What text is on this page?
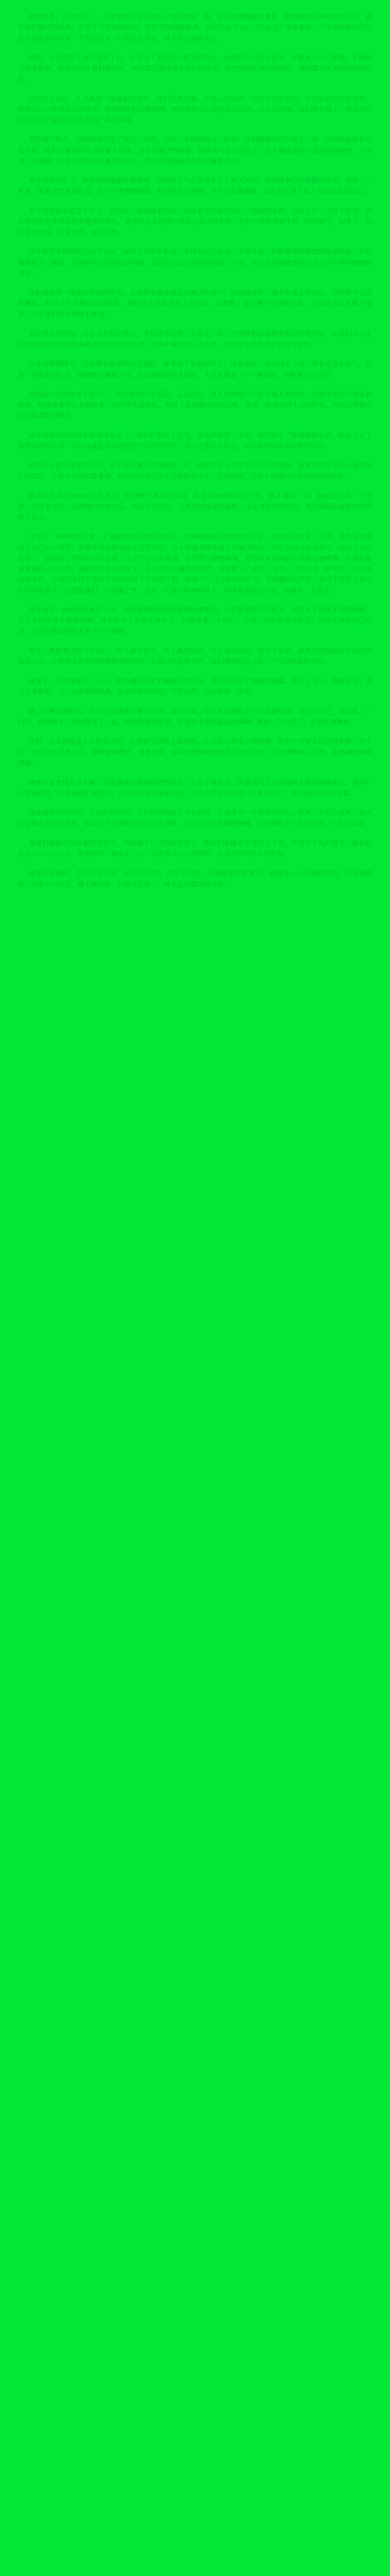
此刻的我，终于明白了，心中那些无法言说的，如同细雨一般，在心底慢慢地积蓄着。那些被时间冲刷过的记忆，被生活打磨过的棱角，在某个不经意的瞬间，忽然变得清晰起来。我们总以为自己已经忘记了很多事情，可当某种相似的气息扑面而来的时候，才发现原来一切都还在原处，从未真正地离开过。

我想，生命的意义或许就在于此。不是为了抵达某个既定的终点，而是在行走的过程中，不断地与自己相遇，不断地与世界和解。那些曾经让我们痛苦的，最终都会变成滋养我们的养分；那些曾经让我们困惑的，最终都会成为照亮前路的光。

记得有人说过，人生就像一场漫长的旅行。我们背着行囊，走过山川湖海，也走过寻常巷陌。有时候我们走得很快，快到忘记了欣赏沿途的风景；有时候我们走得很慢，慢到怀疑自己是否还在前进。可无论快慢，我们都在路上，都在用自己的方式丈量着这个世界的广阔与深邃。

那些同行的人，有的陪我们走了很长一段路，有的只是擦肩而过。但每一次相遇都有它的意义，每一次别离也都有它的价值。我们在彼此的生命里留下痕迹，然后带着这些痕迹，继续走向各自的远方。这大概就是缘分最好的模样吧，不强求，不挽留，只是在对的时间遇见对的人，然后坦然地接受所有的聚散离合。

窗外的雨还在下，淅淅沥沥地敲打着玻璃。这样的天气总是容易让人陷入沉思，想起很多已经模糊的往事。我泡了一杯茶，看着水汽袅袅升起，在空气中慢慢消散。时间也是这样吧，无声无息地流逝，却在我们身上留下无法抹去的印记。

年少的时候总是急于长大，以为长大就意味着自由，意味着可以做任何自己想做的事情。可真正长大之后才发现，成长的代价是要承担越来越多的责任，是要学会在理想与现实之间寻找平衡。我们不再有那种不顾一切的勇气，却多了一份沉稳与从容。这是失去，也是获得。

我开始学着接纳自己的不完美，接纳生活的不如意。不再和自己较劲，不再苛求一切都要按照预想的轨迹发展。有些事情努力了就好，结果如何交给时间去判断。这样的心态让我变得轻松了许多，也让我更能感受到日常生活中那些细微的美好。

比如清晨第一缕照进房间的阳光，比如街角那家面包店飘出的香气，比如深夜里一通来自老友的电话。这些微不足道的瞬间，构成了生活最真实的质地。我们往往追逐着宏大的目标，却忽略了身边唾手可得的幸福。其实快乐从来都不复杂，只是我们把它想得太复杂了。

也有迷茫的时候。站在人生的岔路口，不知道该往哪个方向走。每一个选择都意味着放弃另外的可能，而我们永远无法知道没有走过的那条路上会有怎样的风景。这种不确定性让人焦虑，却也让生活充满了悬念与惊喜。

后来我慢慢懂得，没有哪条路是绝对正确的。重要的不是选择什么，而是选择之后如何走下去。带着信念和勇气，把每一步都走得扎实，即便偶尔偏离方向，也总能找到回来的路。人生本就是一个不断试错、不断修正的过程。

我想起小时候在乡下的日子。那时候的天空很蓝，云朵很白，夏天的夜晚可以看见满天的星星。外婆坐在院子里摇着蒲扇，给我讲那些古老的故事。虫鸣声此起彼伏，构成了夏夜最动听的交响。那是一段再也回不去的时光，却永远停留在记忆最柔软的地方。

如今城市的夜空很少能看见星星了。霓虹灯取代了星光，车流声取代了虫鸣。我们拥有了更便捷的生活，却也失去了某些珍贵的东西。或许这就是发展必然要付出的代价吧。我只是偶尔会怀念，怀念那种简单而纯粹的快乐。

但我并不排斥现在的生活。每个时代都有它的精彩之处，每种生活方式都有它存在的理由。重要的是在变化中保持内心的安定，不被外界的喧嚣裹挟，始终记得自己真正想要的是什么。这种清醒，是这个浮躁时代里最稀缺的品质。

我喜欢在周末的时候去逛书店。那些整齐排列的书籍，散发着油墨特有的气息。随手翻开一本，就能进入另一个世界，与作者进行一场跨越时空的对话。阅读让我明白，人类的情感是相通的，无论身处何时何地，我们都面临着相似的困惑与追寻。

文字有一种神奇的力量，它能把抽象的感受具象化，把转瞬即逝的思绪固定下来。当我们读到某一句话，忽然觉得说出了自己心中所想，那种共鸣的感觉是无可替代的。这大概就是阅读最大的魅力所在。我们在别人的故事里，找到了自己的影子，也找到了继续前行的力量。当文字与心灵相遇，当思想与情感碰撞，那些原本沉睡的东西就会被唤醒，让我们重新审视自己的生活，重新思考生命的意义。在这个信息爆炸的时代，能够静下心来读一本书，已经成为一种奢侈。可正是这种奢侈，让我们在快节奏的生活中找到了片刻的宁静，找到了与自己独处的方式。书页翻动的声音，是这个世界上最安心的背景音乐，它提醒我们，在喧嚣之外，还有一片属于精神的净土，等待着我们去开垦、去耕耘、去收获。

写作也是一种自我疗愈的方式。当我把那些纷乱的思绪诉诸笔端，它们就变得有序起来。那些说不清道不明的情绪，在文字的梳理下逐渐清晰。我不是为了给别人看才写，只是需要一个出口，让内心的声音得以表达。写作让我和自己对话，让我在独处的时光里不至于孤独。

每个人都需要这样一个出口。有人通过音乐，有人通过绘画，有人通过运动。形式不重要，重要的是找到属于自己的表达方式，让那些无处安放的情感有所归依。生活已经足够辛苦，我们需要给自己留一片可以喘息的空间。

夜深了，雨声渐渐小了下去。窗外偶尔传来车辆驶过的声音，更衬托出这个夜晚的静谧。我合上本子，准备休息。明天又是新的一天，会有新的挑战，也会有新的可能。不管怎样，先好好睡一觉吧。

第二天醒来的时候，阳光已经洒满了整个房间。雨过天晴，空气里弥漫着泥土的清新味道。我打开窗户，深深吸了一口气，感觉整个人都被洗涤了一遍。昨夜的那些思绪，在晨光中变得遥远而模糊。新的一天开始了，生活还要继续。

我想，这大概就是人生的常态吧。在困惑与清醒之间摇摆，在失落与希望之间徘徊。我们不可能永远保持积极，也不会一直沉浸在消极之中。情绪如同潮汐，有涨有落，而我们要做的就是学会与它共处，在低潮时耐心等待，在高潮时保持清醒。

成熟不是变得无坚不摧，而是懂得在脆弱时依然坚持。不是不再流泪，而是流泪之后还能擦干眼泪继续前行。那些打不倒我们的，终将使我们更强大。这句话听起来像是鸡汤，可当你真正经历过一些事情之后，就会明白其中的分量。

我感谢所有的经历，无论好的坏的。它们共同塑造了今天的我，让我成为一个有故事的人。如果人生可以重来，我或许会做出不同的选择，但我并不后悔现在所走的这条路。因为正是这些跌跌撞撞，让我懂得了什么是珍贵，什么是值得。

愿我们都能在这纷繁的世界里，找到属于自己的那份安宁。愿我们都能在平凡的日子里，发现不平凡的意义。愿我们走过千山万水之后，依然保有一颗赤子之心。这是我对自己的期许，也是我对所有人的祝福。

故事还在继续，生活还在向前。明天会怎样，没有人知道。但我愿意怀着期待，迎接每一个未知的黎明。因为我相信，只要心中有光，脚下就有路。只要还在路上，就永远有抵达的可能。
